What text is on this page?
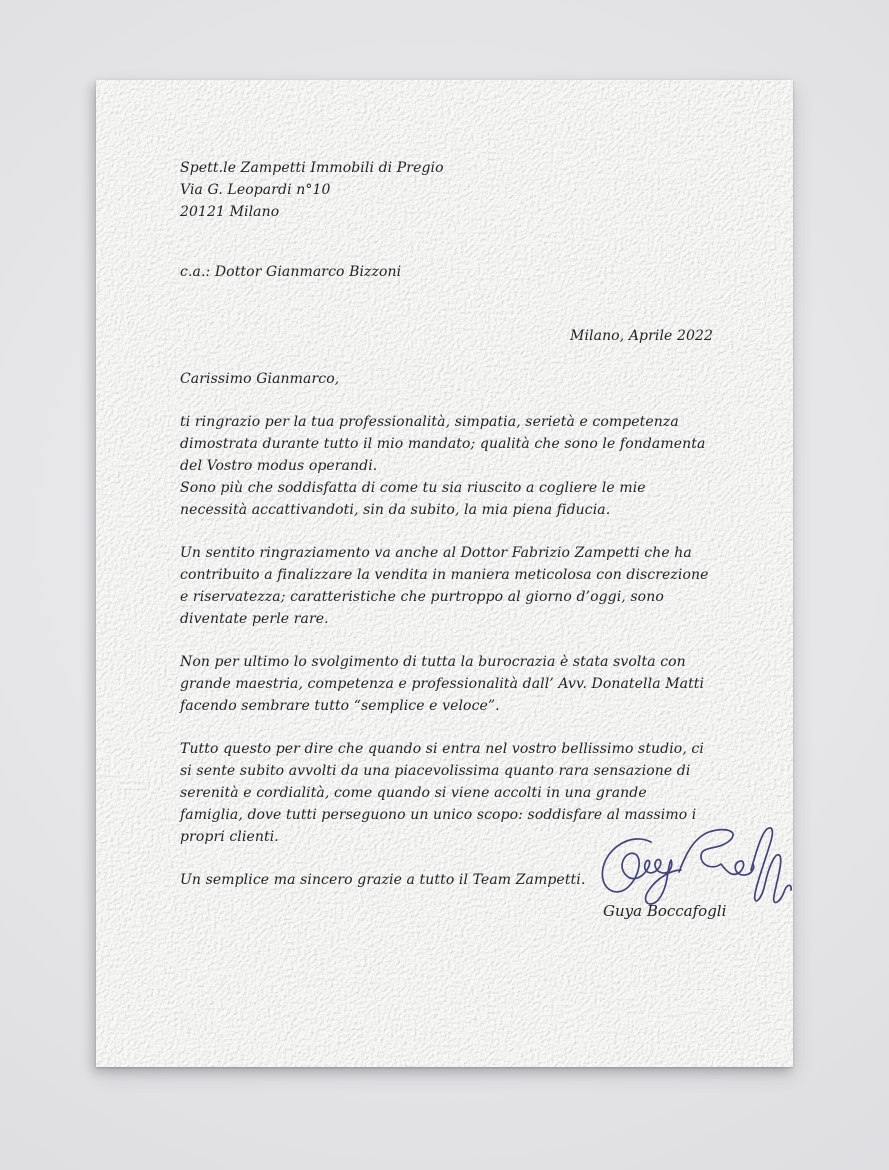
Spett.le Zampetti Immobili di Pregio
Via G. Leopardi n°10
20121 Milano
c.a.: Dottor Gianmarco Bizzoni
Milano, Aprile 2022
Carissimo Gianmarco,
ti ringrazio per la tua professionalità, simpatia, serietà e competenza dimostrata durante tutto il mio mandato; qualità che sono le fondamenta del Vostro modus operandi.
Sono più che soddisfatta di come tu sia riuscito a cogliere le mie necessità accattivandoti, sin da subito, la mia piena fiducia.
Un sentito ringraziamento va anche al Dottor Fabrizio Zampetti che ha contribuito a finalizzare la vendita in maniera meticolosa con discrezione e riservatezza; caratteristiche che purtroppo al giorno d’oggi, sono diventate perle rare.
Non per ultimo lo svolgimento di tutta la burocrazia è stata svolta con grande maestria, competenza e professionalità dall’ Avv. Donatella Matti facendo sembrare tutto “semplice e veloce”.
Tutto questo per dire che quando si entra nel vostro bellissimo studio, ci si sente subito avvolti da una piacevolissima quanto rara sensazione di serenità e cordialità, come quando si viene accolti in una grande famiglia, dove tutti perseguono un unico scopo: soddisfare al massimo i propri clienti.
Un semplice ma sincero grazie a tutto il Team Zampetti.
Guya Boccafogli
